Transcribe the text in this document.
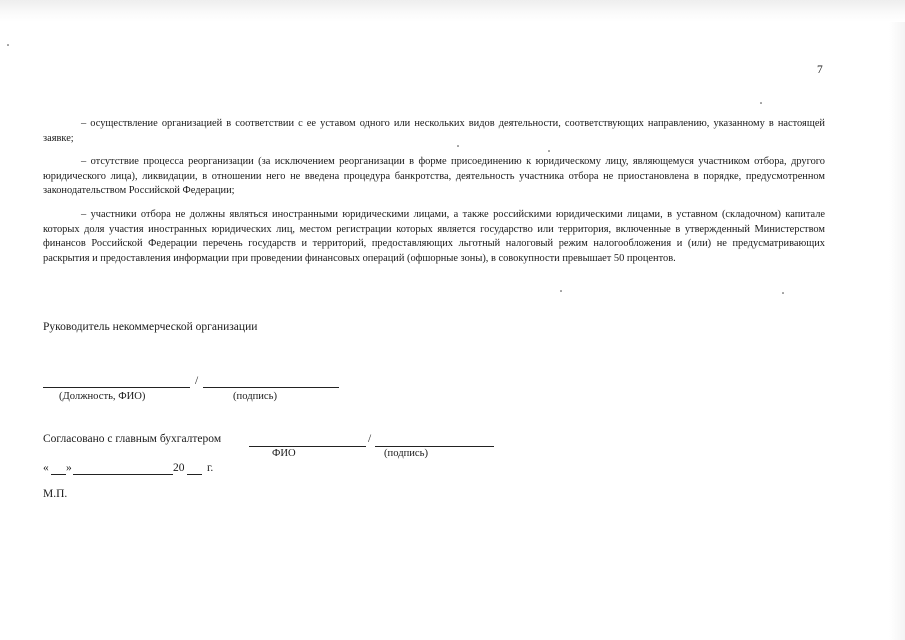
7

– осуществление организацией в соответствии с ее уставом одного или нескольких видов деятельности, соответствующих направлению, указанному в настоящей заявке;

– отсутствие процесса реорганизации (за исключением реорганизации в форме присоединению к юридическому лицу, являющемуся участником отбора, другого юридического лица), ликвидации, в отношении него не введена процедура банкротства, деятельность участника отбора не приостановлена в порядке, предусмотренном законодательством Российской Федерации;

– участники отбора не должны являться иностранными юридическими лицами, а также российскими юридическими лицами, в уставном (складочном) капитале которых доля участия иностранных юридических лиц, местом регистрации которых является государство или территория, включенные в утвержденный Министерством финансов Российской Федерации перечень государств и территорий, предоставляющих льготный налоговый режим налогообложения и (или) не предусматривающих раскрытия и предоставления информации при проведении финансовых операций (офшорные зоны), в совокупности превышает 50 процентов.

Руководитель некоммерческой организации
/
(Должность, ФИО)	(подпись)
Согласовано с главным бухгалтером	/
ФИО	(подпись)
« »	20 г.
М.П.
